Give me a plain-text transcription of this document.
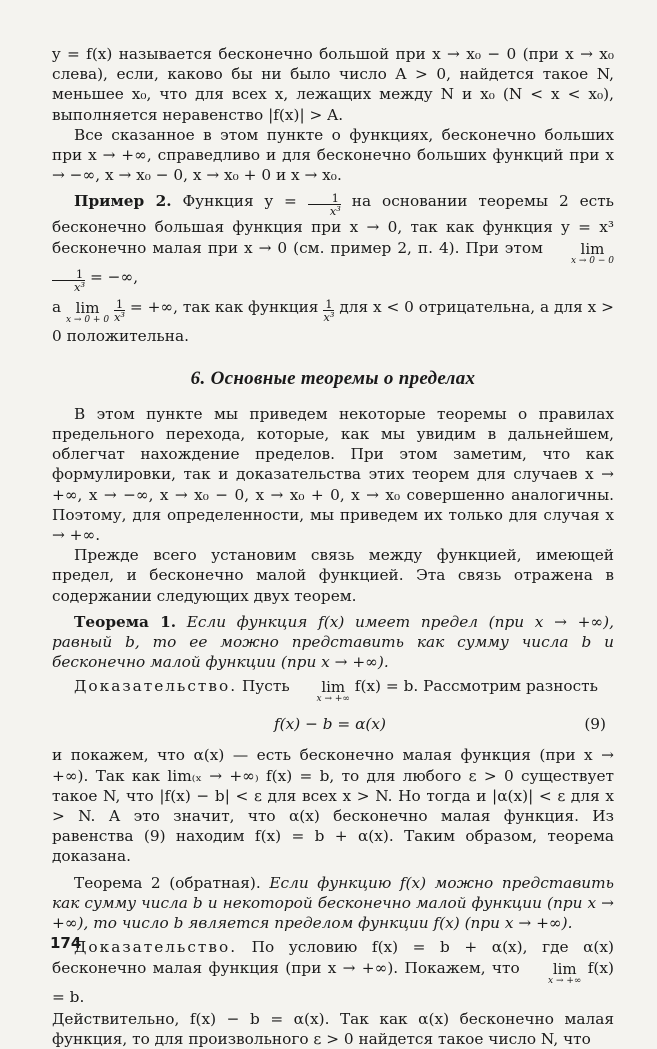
y = f(x) называется бесконечно большой при x → x₀ − 0 (при x → x₀ слева), если, каково бы ни было число A > 0, найдется такое N, меньшее x₀, что для всех x, лежащих между N и x₀ (N < x < x₀), выполняется неравенство |f(x)| > A.

Все сказанное в этом пункте о функциях, бесконечно больших при x → +∞, справедливо и для бесконечно больших функций при x → −∞, x → x₀ − 0, x → x₀ + 0 и x → x₀.

Пример 2. Функция $y = \frac{1}{\text{x³}}$ на основании теоремы 2 есть бесконечно большая функция при x → 0, так как функция y = x³ бесконечно малая при x → 0 (см. пример 2, п. 4). При этом	lim
x → 0 − 0

$\frac{1}{\text{x³}}$ = −∞,

а lim
x → 0 + 0
$\frac{1}{\text{x³}}$ = +∞, так как функция $\frac{1}{\text{x³}}$ для x < 0 отрицательна, а для x > 0 положительна.

6. Основные теоремы о пределах

В этом пункте мы приведем некоторые теоремы о правилах предельного перехода, которые, как мы увидим в дальнейшем, облегчат нахождение пределов. При этом заметим, что как формулировки, так и доказательства этих теорем для случаев x → +∞, x → −∞, x → x₀ − 0, x → x₀ + 0, x → x₀ совершенно аналогичны. Поэтому, для определенности, мы приведем их только для случая x → +∞.

Прежде всего установим связь между функцией, имеющей предел, и бесконечно малой функцией. Эта связь отражена в содержании следующих двух теорем.

Теорема 1. Если функция f(x) имеет предел (при x → +∞), равный b, то ее можно представить как сумму числа b и бесконечно малой функции (при x → +∞).

Доказательство. Пусть	lim
x → +∞
f(x) = b. Рассмотрим разность

f(x) − b = α(x)	(9)

и покажем, что α(x) — есть бесконечно малая функция (при x → +∞). Так как lim₍ₓ → +∞₎ f(x) = b, то для любого ε > 0 существует такое N, что |f(x) − b| < ε для всех x > N. Но тогда и |α(x)| < ε для x > N. А это значит, что α(x) бесконечно малая функция. Из равенства (9) находим f(x) = b + α(x). Таким образом, теорема доказана.

Теорема 2 (обратная). Если функцию f(x) можно представить как сумму числа b и некоторой бесконечно малой функции (при x → +∞), то число b является пределом функции f(x) (при x → +∞).

Доказательство. По условию f(x) = b + α(x), где α(x) бесконечно малая функция (при x → +∞). Покажем, что	lim
x → +∞
f(x) = b.

Действительно, f(x) − b = α(x). Так как α(x) бесконечно малая функция, то для произвольного ε > 0 найдется такое число N, что

174
